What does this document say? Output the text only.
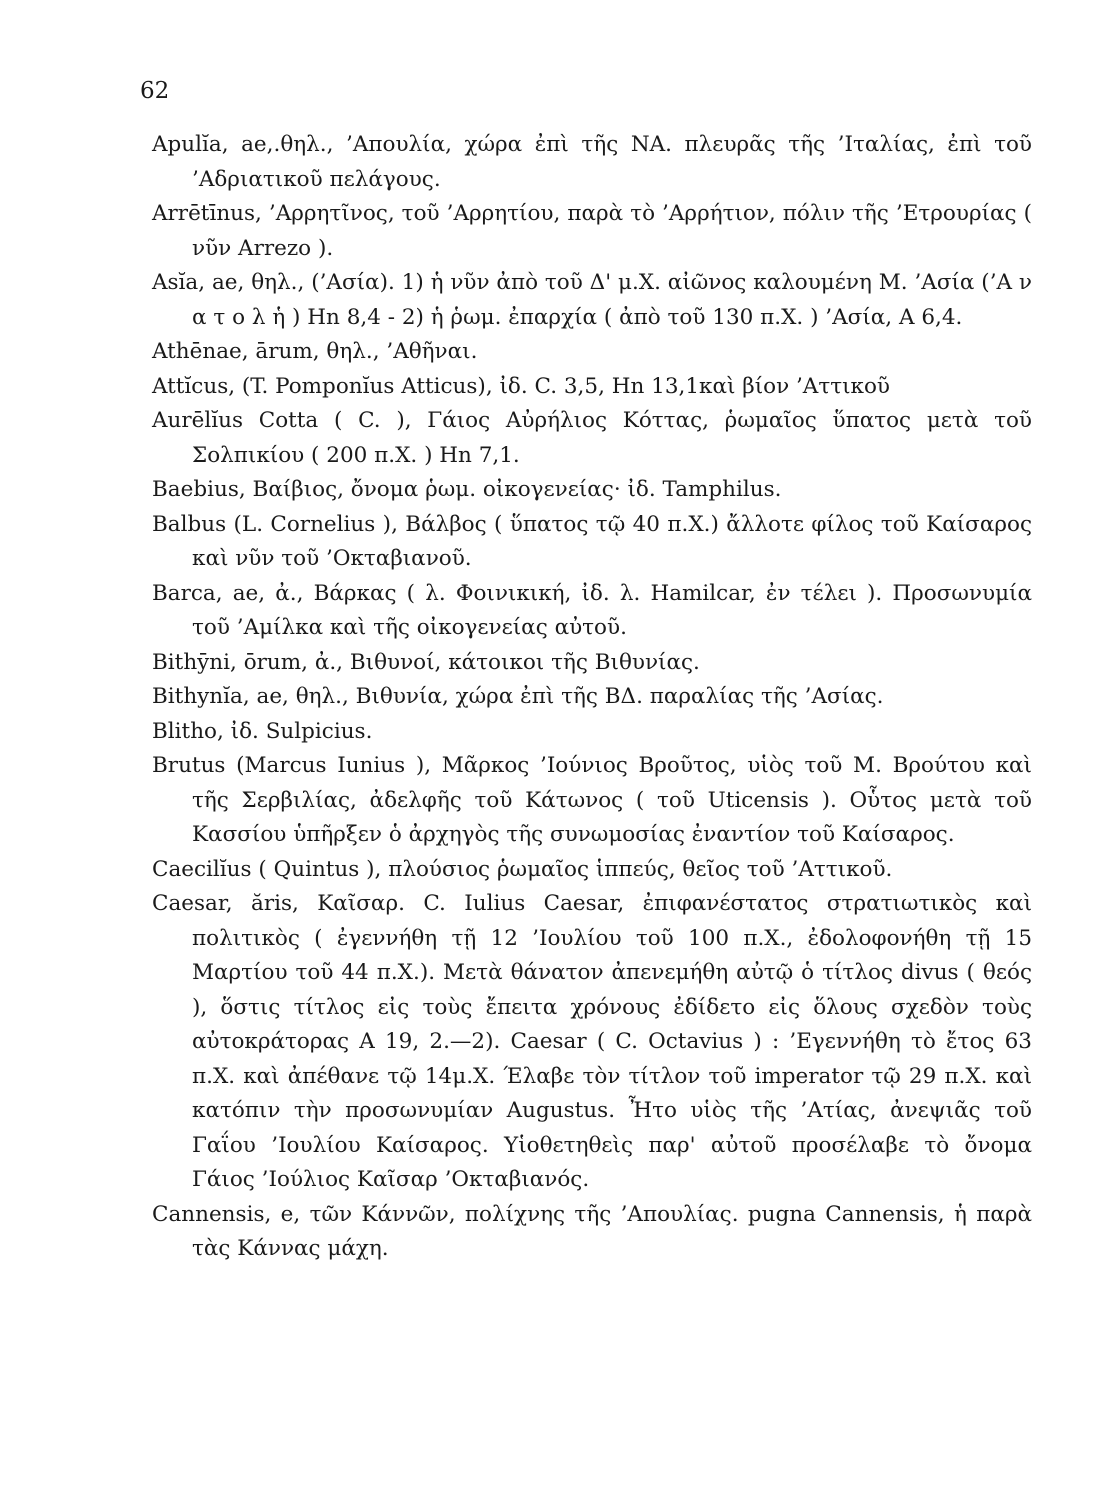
62

Apulĭa, ae,.θηλ., ’Απουλία, χώρα ἐπὶ τῆς ΝΑ. πλευρᾶς τῆς ’Ιταλίας, ἐπὶ τοῦ ’Αδριατικοῦ πελάγους.

Arrētīnus, ’Αρρητῖνος, τοῦ ’Αρρητίου, παρὰ τὸ ’Αρρήτιον, πόλιν τῆς ’Ετρουρίας ( νῦν Arrezo ).

Asĭa, ae, θηλ., (’Ασία). 1) ἡ νῦν ἀπὸ τοῦ Δ' μ.Χ. αἰῶνος καλουμένη Μ. ’Ασία (’Α ν α τ ο λ ἡ ) Hn 8,4 - 2) ἡ ῥωμ. ἐπαρχία ( ἀπὸ τοῦ 130 π.Χ. ) ’Ασία, A 6,4.

Athēnae, ārum, θηλ., ’Αθῆναι.

Attĭcus, (T. Pomponĭus Atticus), ἰδ. C. 3,5, Hn 13,1καὶ βίον ’Αττικοῦ

Aurēlĭus Cotta ( C. ), Γάιος Αὐρήλιος Κόττας, ῥωμαῖος ὕπατος μετὰ τοῦ Σολπικίου ( 200 π.Χ. ) Hn 7,1.

Baebius, Βαίβιος, ὄνομα ῥωμ. οἰκογενείας· ἰδ. Tamphilus.

Balbus (L. Cornelius ), Βάλβος ( ὕπατος τῷ 40 π.Χ.) ἄλλοτε φίλος τοῦ Καίσαρος καὶ νῦν τοῦ ’Οκταβιανοῦ.

Barca, ae, ἀ., Βάρκας ( λ. Φοινικική, ἰδ. λ. Hamilcar, ἐν τέλει ). Προσωνυμία τοῦ ’Αμίλκα καὶ τῆς οἰκογενείας αὐτοῦ.

Bithȳni, ōrum, ἀ., Βιθυνοί, κάτοικοι τῆς Βιθυνίας.

Bithynĭa, ae, θηλ., Βιθυνία, χώρα ἐπὶ τῆς ΒΔ. παραλίας τῆς ’Ασίας.

Blitho, ἰδ. Sulpicius.

Brutus (Marcus Iunius ), Μᾶρκος ’Ιούνιος Βροῦτος, υἱὸς τοῦ Μ. Βρούτου καὶ τῆς Σερβιλίας, ἀδελφῆς τοῦ Κάτωνος ( τοῦ Uticensis ). Οὗτος μετὰ τοῦ Κασσίου ὑπῆρξεν ὁ ἀρχηγὸς τῆς συνωμοσίας ἐναντίον τοῦ Καίσαρος.

Caecilĭus ( Quintus ), πλούσιος ῥωμαῖος ἱππεύς, θεῖος τοῦ ’Αττικοῦ.

Caesar, ăris, Καῖσαρ. C. Iulius Caesar, ἐπιφανέστατος στρατιωτικὸς καὶ πολιτικὸς ( ἐγεννήθη τῇ 12 ’Ιουλίου τοῦ 100 π.Χ., ἐδολοφονήθη τῇ 15 Μαρτίου τοῦ 44 π.Χ.). Μετὰ θάνατον ἀπενεμήθη αὐτῷ ὁ τίτλος divus ( θεός ), ὅστις τίτλος εἰς τοὺς ἔπειτα χρόνους ἐδίδετο εἰς ὅλους σχεδὸν τοὺς αὐτοκράτορας A 19, 2.—2). Caesar ( C. Octavius ) : ’Εγεννήθη τὸ ἔτος 63 π.Χ. καὶ ἀπέθανε τῷ 14μ.Χ. Έλαβε τὸν τίτλον τοῦ imperator τῷ 29 π.Χ. καὶ κατόπιν τὴν προσωνυμίαν Augustus. Ἦτο υἱὸς τῆς ’Ατίας, ἀνεψιᾶς τοῦ Γαΐου ’Ιουλίου Καίσαρος. Υἱοθετηθεὶς παρ' αὐτοῦ προσέλαβε τὸ ὄνομα Γάιος ’Ιούλιος Καῖσαρ ’Οκταβιανός.

Cannensis, e, τῶν Κάννῶν, πολίχνης τῆς ’Απουλίας. pugna Cannensis, ἡ παρὰ τὰς Κάννας μάχη.
